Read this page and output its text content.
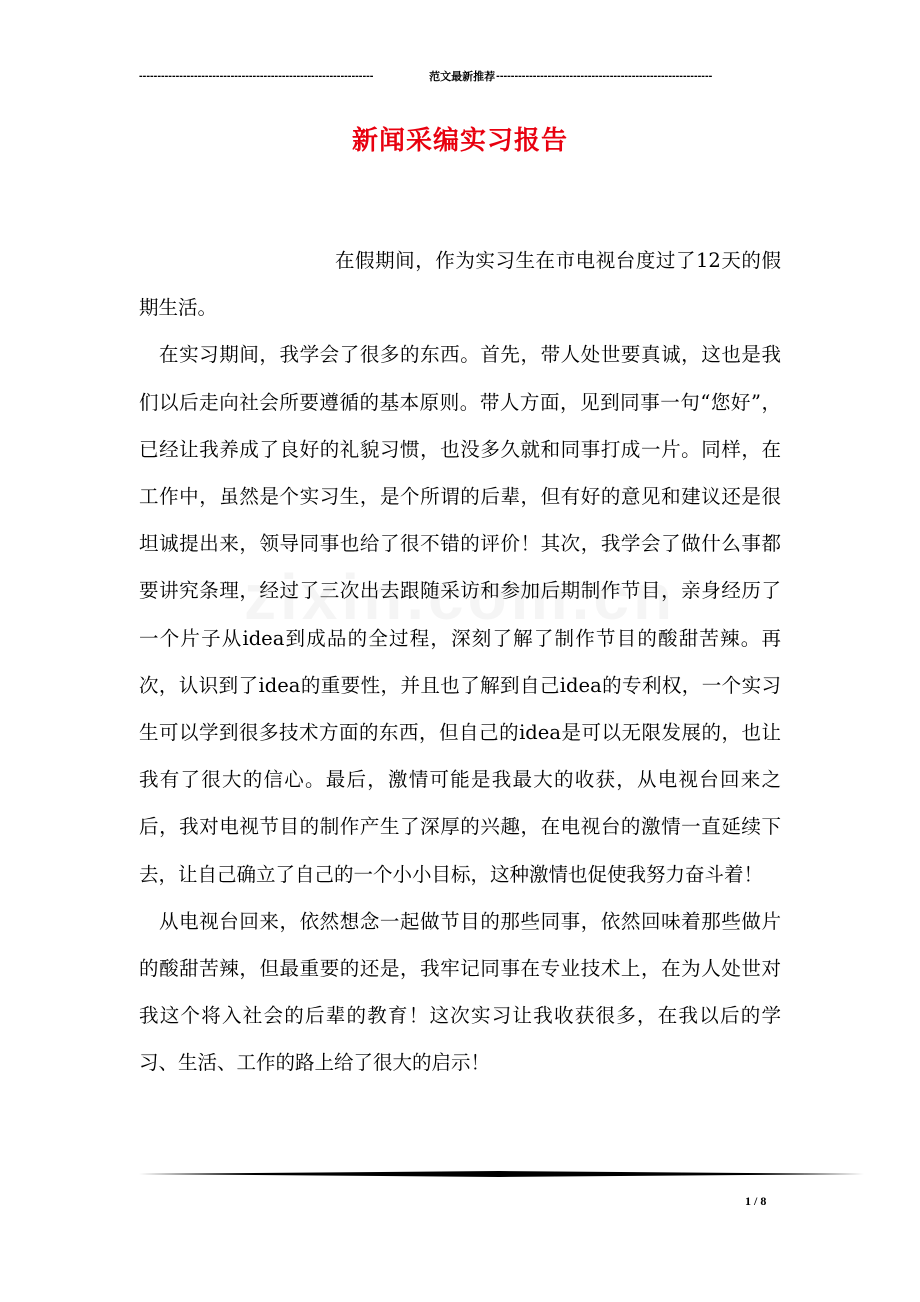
----------------------------------------------------------------	范文最新推荐 -----------------------------------------------------------
新闻采编实习报告

在假期间，作为实习生在市电视台度过了12天的假期生活。

在实习期间，我学会了很多的东西。首先，带人处世要真诚，这也是我们以后走向社会所要遵循的基本原则。带人方面，见到同事一句“您好”，已经让我养成了良好的礼貌习惯，也没多久就和同事打成一片。同样，在工作中，虽然是个实习生，是个所谓的后辈，但有好的意见和建议还是很坦诚提出来，领导同事也给了很不错的评价！其次，我学会了做什么事都要讲究条理，经过了三次出去跟随采访和参加后期制作节目，亲身经历了一个片子从idea到成品的全过程，深刻了解了制作节目的酸甜苦辣。再次，认识到了idea的重要性，并且也了解到自己idea的专利权，一个实习生可以学到很多技术方面的东西，但自己的idea是可以无限发展的，也让我有了很大的信心。最后，激情可能是我最大的收获，从电视台回来之后，我对电视节目的制作产生了深厚的兴趣，在电视台的激情一直延续下去，让自己确立了自己的一个小小目标，这种激情也促使我努力奋斗着！

从电视台回来，依然想念一起做节目的那些同事，依然回味着那些做片的酸甜苦辣，但最重要的还是，我牢记同事在专业技术上，在为人处世对我这个将入社会的后辈的教育！这次实习让我收获很多，在我以后的学习、生活、工作的路上给了很大的启示！

1 / 8
